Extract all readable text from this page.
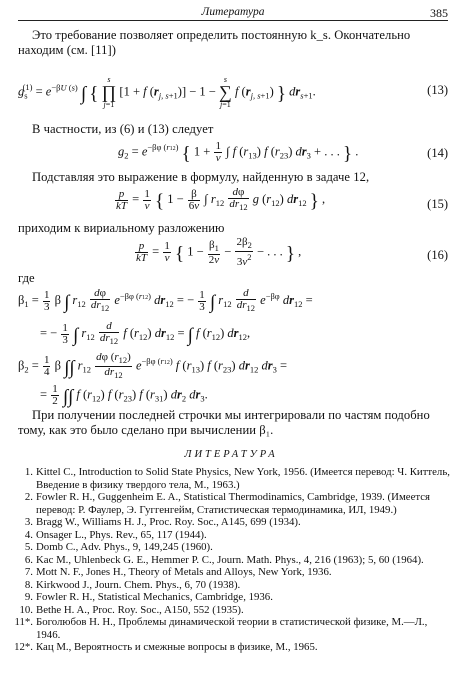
Литература	385
Это требование позволяет определить постоянную k_s. Окончательно находим (см. [11])
$g_s^{(1)} = e^{-\beta U (s)}$ ∫ {
s
∏
j=1
[1 + f $(r_{j, s+1})] - 1$ −
s
∑
j=1
f $(r_{j, s+1})$ } $dr_{s+1}$.	(13)
В частности, из (6) и (13) следует
$g_2 = e^{-\beta\varphi (r12)}$ { $1 + \frac{1}{v}$ ∫ f $(r_{13})$ f $(r_{23}) dr_3$ + . . . } .	(14)
Подставляя это выражение в формулу, найденную в задаче 12,
$\frac{p}{kT} = \frac{1}{v}$ { $1 - \frac{\beta}{6v}$ ∫ $r_{12} \frac{d\varphi}{dr_{12}}$ g $(r_{12})$ $dr_{12}$ } ,	(15)
приходим к вириальному разложению
$\frac{p}{kT} = \frac{1}{v}$ { $1 - \frac{\beta_1}{2v} - \frac{2\beta_2}{3v^2}$ − . . . } ,	(16)
где
$\beta_1 = \frac{1}{3}$ β ∫ $r_{12} \frac{d\varphi}{dr_{12}} e^{-\beta\varphi (r12)}$ $dr_{12}$ = − $\frac{1}{3}$ ∫ $r_{12} \frac{d}{dr_{12}} e^{-\beta\varphi}$ $dr_{12}$ =
= − $\frac{1}{3}$ ∫ $r_{12} \frac{d}{dr_{12}}$ f $(r_{12}) dr_{12}$ = ∫ f $(r_{12})$ $dr_{12}$,
$\beta_2 = \frac{1}{4}$ β ∫∫ $r_{12} \frac{d\varphi (r_{12})}{dr_{12}} e^{-\beta\varphi (r12)}$ f $(r_{13})$ f $(r_{23})$ $dr_{12}$ $dr_3$ =
= $\frac{1}{2}$ ∫∫ f $(r_{12})$ f $(r_{23})$ f $(r_{31})$ $dr_2$ $dr_3$.
При получении последней строчки мы интегрировали по частям подобно тому, как это было сделано при вычислении β₁.
ЛИТЕРАТУРА
1. Kittel C., Introduction to Solid State Physics, New York, 1956. (Имеется перевод: Ч. Киттель, Введение в физику твердого тела, М., 1963.)
2. Fowler R. H., Guggenheim E. A., Statistical Thermodinamics, Cambridge, 1939. (Имеется перевод: Р. Фаулер, Э. Гуггенгейм, Статистическая термодинамика, ИЛ, 1949.)
3. Bragg W., Williams H. J., Proc. Roy. Soc., A145, 699 (1934).
4. Onsager L., Phys. Rev., 65, 117 (1944).
5. Domb C., Adv. Phys., 9, 149,245 (1960).
6. Kac M., Uhlenbeck G. E., Hemmer P. C., Journ. Math. Phys., 4, 216 (1963); 5, 60 (1964).
7. Mott N. F., Jones H., Theory of Metals and Alloys, New York, 1936.
8. Kirkwood J., Journ. Chem. Phys., 6, 70 (1938).
9. Fowler R. H., Statistical Mechanics, Cambridge, 1936.
10. Bethe H. A., Proc. Roy. Soc., A150, 552 (1935).
11*. Боголюбов Н. Н., Проблемы динамической теории в статистической физике, М.—Л., 1946.
12*. Кац М., Вероятность и смежные вопросы в физике, М., 1965.
